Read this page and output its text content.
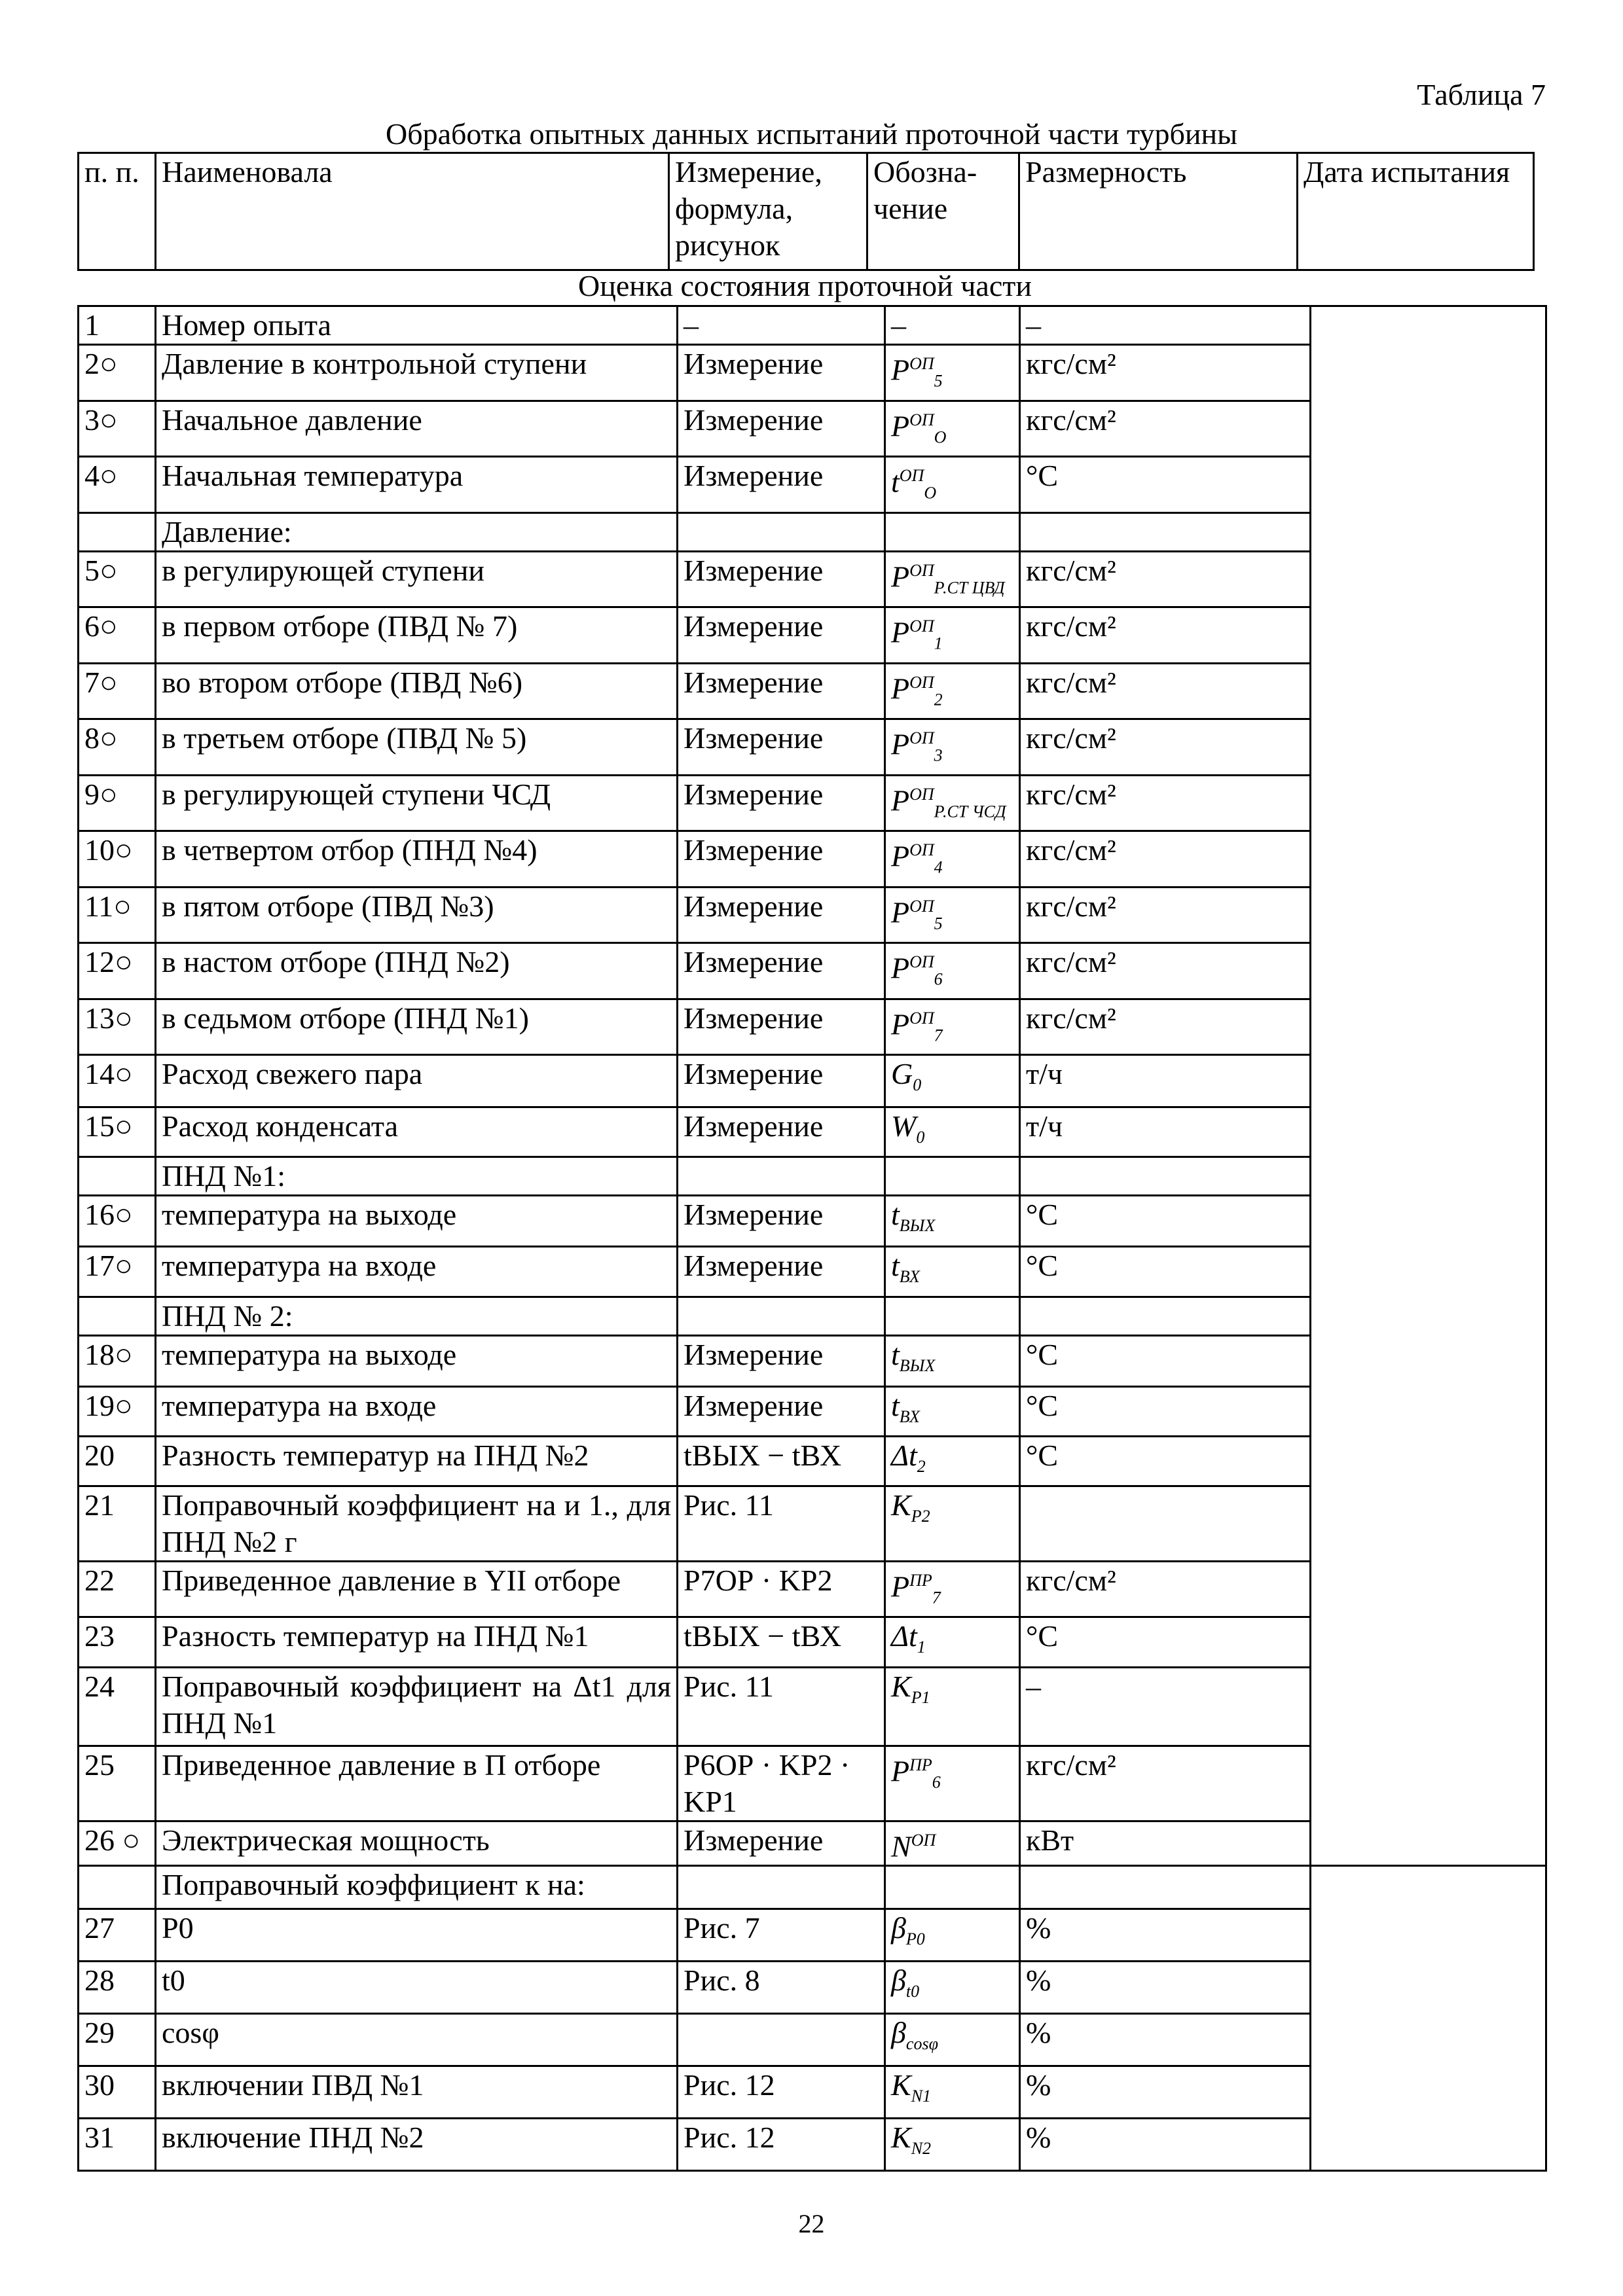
Таблица 7
Обработка опытных данных испытаний проточной части турбины
п. п.	Наименовала	Измерение, формула, рисунок	Обозна-чение	Размерность	Дата испытания
Оценка состояния проточной части
1	Номер опыта	–	–	–	
2○	Давление в контрольной ступени	Измерение	$P^{ОП}_5$	кгс/см²	
3○	Начальное давление	Измерение	$P^{ОП}_О$	кгс/см²	
4○	Начальная температура	Измерение	$t^{ОП}_О$	°С	
	Давление:				
5○	в регулирующей ступени	Измерение	$P^{ОП}_{Р.СТ ЦВД}$	кгс/см²	
6○	в первом отборе (ПВД № 7)	Измерение	$P^{ОП}_1$	кгс/см²	
7○	во втором отборе (ПВД №6)	Измерение	$P^{ОП}_2$	кгс/см²	
8○	в третьем отборе (ПВД № 5)	Измерение	$P^{ОП}_3$	кгс/см²	
9○	в регулирующей ступени ЧСД	Измерение	$P^{ОП}_{Р.СТ ЧСД}$	кгс/см²	
10○	в четвертом отбор (ПНД №4)	Измерение	$P^{ОП}_4$	кгс/см²	
11○	в пятом отборе (ПВД №3)	Измерение	$P^{ОП}_5$	кгс/см²	
12○	в настом отборе (ПНД №2)	Измерение	$P^{ОП}_6$	кгс/см²	
13○	в седьмом отборе (ПНД №1)	Измерение	$P^{ОП}_7$	кгс/см²	
14○	Расход свежего пара	Измерение	$G_0$	т/ч	
15○	Расход конденсата	Измерение	$W_0$	т/ч	
	ПНД №1:				
16○	температура на выходе	Измерение	$t_{ВЫХ}$	°С	
17○	температура на входе	Измерение	$t_{ВХ}$	°С	
	ПНД № 2:				
18○	температура на выходе	Измерение	$t_{ВЫХ}$	°С	
19○	температура на входе	Измерение	$t_{ВХ}$	°С	
20	Разность температур на ПНД №2	tВЫХ − tВХ	$\Delta t_2$	°С	
21	Поправочный коэффициент на и 1., для ПНД №2 г	Рис. 11	$K_{P2}$		
22	Приведенное давление в YII отборе	P7ОР · KP2	$P^{ПР}_7$	кгс/см²	
23	Разность температур на ПНД №1	tВЫХ − tВХ	$\Delta t_1$	°С	
24	Поправочный коэффициент на Δt1 для ПНД №1	Рис. 11	$K_{P1}$	–	
25	Приведенное давление в П отборе	P6ОР · KP2 · KP1	$P^{ПР}_6$	кгс/см²	
26 ○	Электрическая мощность	Измерение	$N^{ОП}$	кВт	
	Поправочный коэффициент к на:				
27	P0	Рис. 7	$\beta_{P0}$	%	
28	t0	Рис. 8	$\beta_{t0}$	%	
29	cosφ		$\beta_{cos\varphi}$	%	
30	включении ПВД №1	Рис. 12	$K_{N1}$	%	
31	включение ПНД №2	Рис. 12	$K_{N2}$	%	
22
